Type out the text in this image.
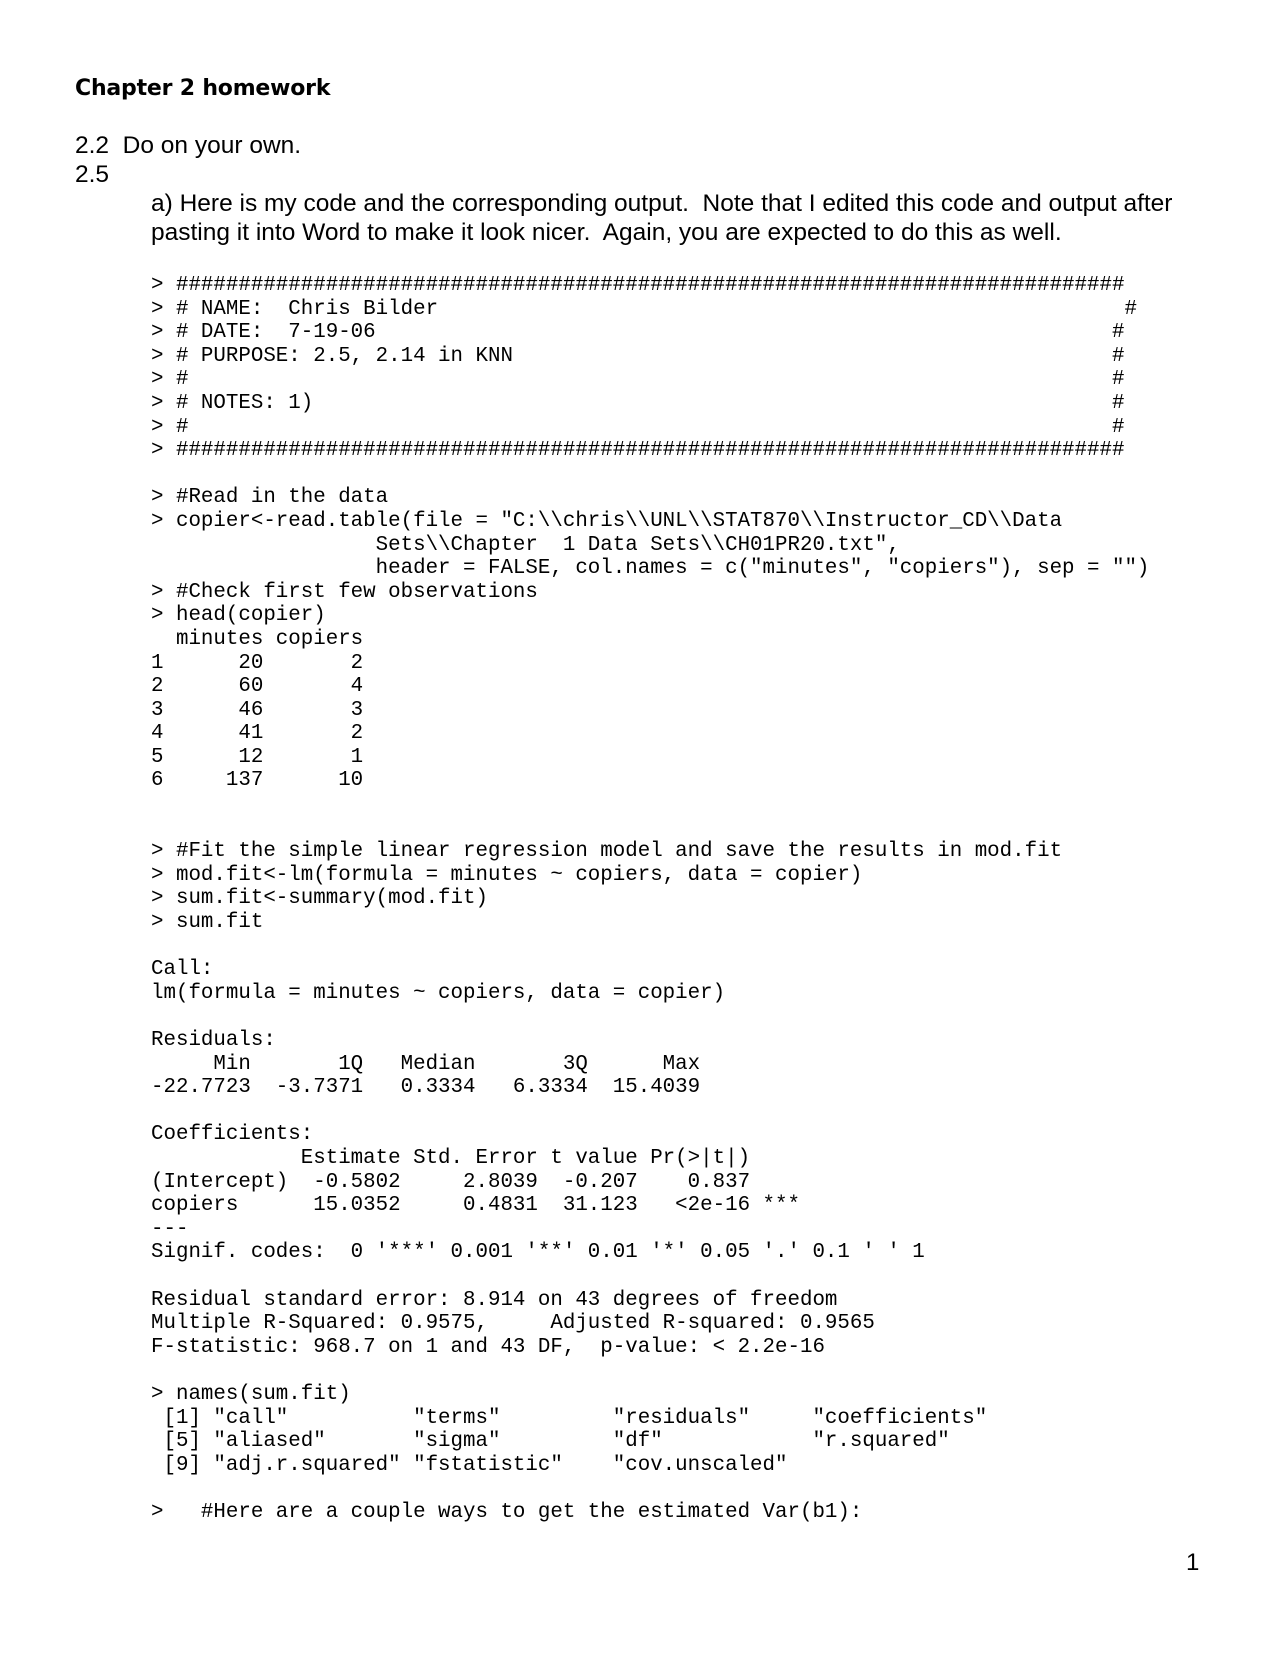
Chapter 2 homework
2.2  Do on your own.
2.5
a) Here is my code and the corresponding output.  Note that I edited this code and output after
pasting it into Word to make it look nicer.  Again, you are expected to do this as well.
> ############################################################################
> # NAME:  Chris Bilder                                                       #
> # DATE:  7-19-06                                                           #
> # PURPOSE: 2.5, 2.14 in KNN                                                #
> #                                                                          #
> # NOTES: 1)                                                                #
> #                                                                          #
> ############################################################################

> #Read in the data
> copier<-read.table(file = "C:\\chris\\UNL\\STAT870\\Instructor_CD\\Data
Sets\\Chapter  1 Data Sets\\CH01PR20.txt",
header = FALSE, col.names = c("minutes", "copiers"), sep = "")
> #Check first few observations
> head(copier)
minutes copiers
1      20       2
2      60       4
3      46       3
4      41       2
5      12       1
6     137      10

> #Fit the simple linear regression model and save the results in mod.fit
> mod.fit<-lm(formula = minutes ~ copiers, data = copier)
> sum.fit<-summary(mod.fit)
> sum.fit

Call:
lm(formula = minutes ~ copiers, data = copier)

Residuals:
Min       1Q   Median       3Q      Max
-22.7723  -3.7371   0.3334   6.3334  15.4039

Coefficients:
Estimate Std. Error t value Pr(>|t|)
(Intercept)  -0.5802     2.8039  -0.207    0.837
copiers      15.0352     0.4831  31.123   <2e-16 ***
---
Signif. codes:  0 '***' 0.001 '**' 0.01 '*' 0.05 '.' 0.1 ' ' 1

Residual standard error: 8.914 on 43 degrees of freedom
Multiple R-Squared: 0.9575,     Adjusted R-squared: 0.9565
F-statistic: 968.7 on 1 and 43 DF,  p-value: < 2.2e-16

> names(sum.fit)
[1] "call"          "terms"         "residuals"     "coefficients"
[5] "aliased"       "sigma"         "df"            "r.squared"
[9] "adj.r.squared" "fstatistic"    "cov.unscaled"

>   #Here are a couple ways to get the estimated Var(b1):
1
